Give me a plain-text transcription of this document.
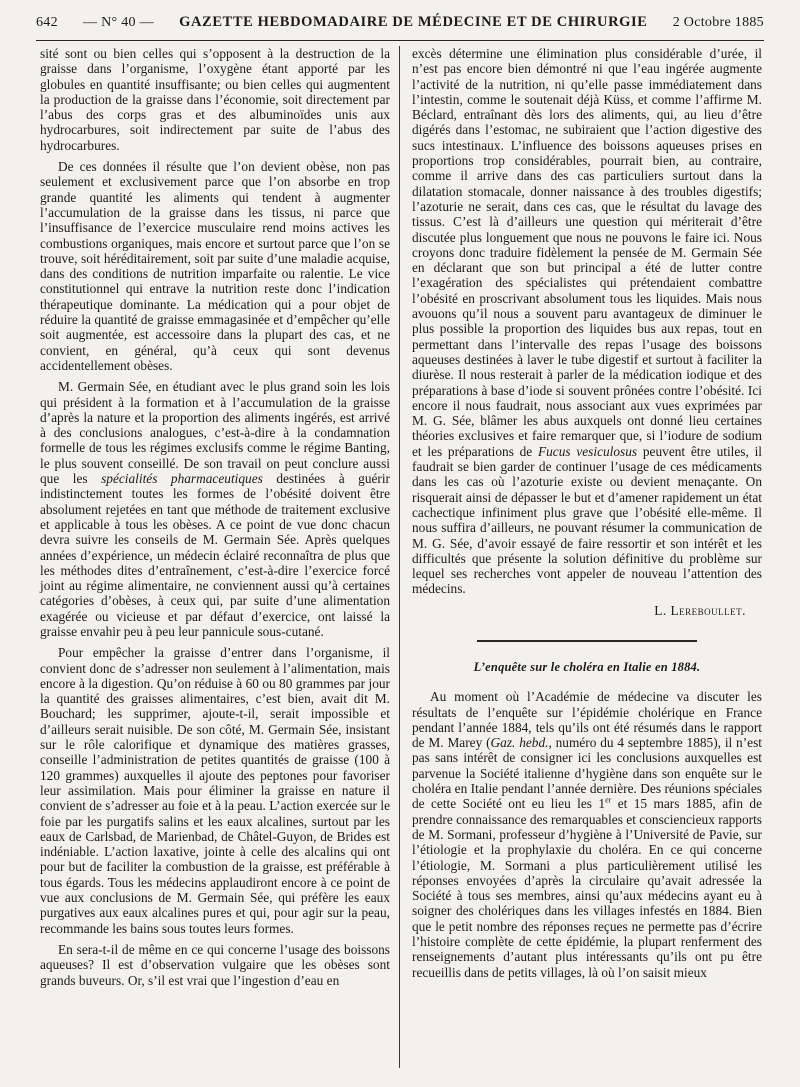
642 — N° 40 — GAZETTE HEBDOMADAIRE DE MÉDECINE ET DE CHIRURGIE 2 Octobre 1885

sité sont ou bien celles qui s’opposent à la destruction de la graisse dans l’organisme, l’oxygène étant apporté par les globules en quantité insuffisante; ou bien celles qui augmentent la production de la graisse dans l’économie, soit directement par l’abus des corps gras et des albuminoïdes unis aux hydrocarbures, soit indirectement par suite de l’abus des hydrocarbures.

De ces données il résulte que l’on devient obèse, non pas seulement et exclusivement parce que l’on absorbe en trop grande quantité les aliments qui tendent à augmenter l’accumulation de la graisse dans les tissus, ni parce que l’insuffisance de l’exercice musculaire rend moins actives les combustions organiques, mais encore et surtout parce que l’on se trouve, soit héréditairement, soit par suite d’une maladie acquise, dans des conditions de nutrition imparfaite ou ralentie. Le vice constitutionnel qui entrave la nutrition reste donc l’indication thérapeutique dominante. La médication qui a pour objet de réduire la quantité de graisse emmagasinée et d’empêcher qu’elle soit augmentée, est accessoire dans la plupart des cas, et ne convient, en général, qu’à ceux qui sont devenus accidentellement obèses.

M. Germain Sée, en étudiant avec le plus grand soin les lois qui président à la formation et à l’accumulation de la graisse d’après la nature et la proportion des aliments ingérés, est arrivé à des conclusions analogues, c’est-à-dire à la condamnation formelle de tous les régimes exclusifs comme le régime Banting, le plus souvent conseillé. De son travail on peut conclure aussi que les spécialités pharmaceutiques destinées à guérir indistinctement toutes les formes de l’obésité doivent être absolument rejetées en tant que méthode de traitement exclusive et applicable à tous les obèses. A ce point de vue donc chacun devra suivre les conseils de M. Germain Sée. Après quelques années d’expérience, un médecin éclairé reconnaîtra de plus que les méthodes dites d’entraînement, c’est-à-dire l’exercice forcé joint au régime alimentaire, ne conviennent aussi qu’à certaines catégories d’obèses, à ceux qui, par suite d’une alimentation exagérée ou vicieuse et par défaut d’exercice, ont laissé la graisse envahir peu à peu leur pannicule sous-cutané.

Pour empêcher la graisse d’entrer dans l’organisme, il convient donc de s’adresser non seulement à l’alimentation, mais encore à la digestion. Qu’on réduise à 60 ou 80 grammes par jour la quantité des graisses alimentaires, c’est bien, avait dit M. Bouchard; les supprimer, ajoute-t-il, serait impossible et d’ailleurs serait nuisible. De son côté, M. Germain Sée, insistant sur le rôle calorifique et dynamique des matières grasses, conseille l’administration de petites quantités de graisse (100 à 120 grammes) auxquelles il ajoute des peptones pour favoriser leur assimilation. Mais pour éliminer la graisse en nature il convient de s’adresser au foie et à la peau. L’action exercée sur le foie par les purgatifs salins et les eaux alcalines, surtout par les eaux de Carlsbad, de Marienbad, de Châtel-Guyon, de Brides est indéniable. L’action laxative, jointe à celle des alcalins qui ont pour but de faciliter la combustion de la graisse, est préférable à tous égards. Tous les médecins applaudiront encore à ce point de vue aux conclusions de M. Germain Sée, qui préfère les eaux purgatives aux eaux alcalines pures et qui, pour agir sur la peau, recommande les bains sous toutes leurs formes.

En sera-t-il de même en ce qui concerne l’usage des boissons aqueuses? Il est d’observation vulgaire que les obèses sont grands buveurs. Or, s’il est vrai que l’ingestion d’eau en

excès détermine une élimination plus considérable d’urée, il n’est pas encore bien démontré ni que l’eau ingérée augmente l’activité de la nutrition, ni qu’elle passe immédiatement dans l’intestin, comme le soutenait déjà Küss, et comme l’affirme M. Béclard, entraînant dès lors des aliments, qui, au lieu d’être digérés dans l’estomac, ne subiraient que l’action digestive des sucs intestinaux. L’influence des boissons aqueuses prises en proportions trop considérables, pourrait bien, au contraire, comme il arrive dans des cas particuliers surtout dans la dilatation stomacale, donner naissance à des troubles digestifs; l’azoturie ne serait, dans ces cas, que le résultat du lavage des tissus. C’est là d’ailleurs une question qui mériterait d’être discutée plus longuement que nous ne pouvons le faire ici. Nous croyons donc traduire fidèlement la pensée de M. Germain Sée en déclarant que son but principal a été de lutter contre l’exagération des spécialistes qui prétendaient combattre l’obésité en proscrivant absolument tous les liquides. Mais nous avouons qu’il nous a souvent paru avantageux de diminuer le plus possible la proportion des liquides bus aux repas, tout en permettant dans l’intervalle des repas l’usage des boissons aqueuses destinées à laver le tube digestif et surtout à faciliter la diurèse. Il nous resterait à parler de la médication iodique et des préparations à base d’iode si souvent prônées contre l’obésité. Ici encore il nous faudrait, nous associant aux vues exprimées par M. G. Sée, blâmer les abus auxquels ont donné lieu certaines théories exclusives et faire remarquer que, si l’iodure de sodium et les préparations de Fucus vesiculosus peuvent être utiles, il faudrait se bien garder de continuer l’usage de ces médicaments dans les cas où l’azoturie existe ou devient menaçante. On risquerait ainsi de dépasser le but et d’amener rapidement un état cachectique infiniment plus grave que l’obésité elle-même. Il nous suffira d’ailleurs, ne pouvant résumer la communication de M. G. Sée, d’avoir essayé de faire ressortir et son intérêt et les difficultés que présente la solution définitive du problème sur lequel ses recherches vont appeler de nouveau l’attention des médecins.

L. Lereboullet.
L’enquête sur le choléra en Italie en 1884.

Au moment où l’Académie de médecine va discuter les résultats de l’enquête sur l’épidémie cholérique en France pendant l’année 1884, tels qu’ils ont été résumés dans le rapport de M. Marey (Gaz. hebd., numéro du 4 septembre 1885), il n’est pas sans intérêt de consigner ici les conclusions auxquelles est parvenue la Société italienne d’hygiène dans son enquête sur le choléra en Italie pendant l’année dernière. Des réunions spéciales de cette Société ont eu lieu les 1er et 15 mars 1885, afin de prendre connaissance des remarquables et consciencieux rapports de M. Sormani, professeur d’hygiène à l’Université de Pavie, sur l’étiologie et la prophylaxie du choléra. En ce qui concerne l’étiologie, M. Sormani a plus particulièrement utilisé les réponses envoyées d’après la circulaire qu’avait adressée la Société à tous ses membres, ainsi qu’aux médecins ayant eu à soigner des cholériques dans les villages infestés en 1884. Bien que le petit nombre des réponses reçues ne permette pas d’écrire l’histoire complète de cette épidémie, la plupart renferment des renseignements d’autant plus intéressants qu’ils ont pu être recueillis dans de petits villages, là où l’on saisit mieux
